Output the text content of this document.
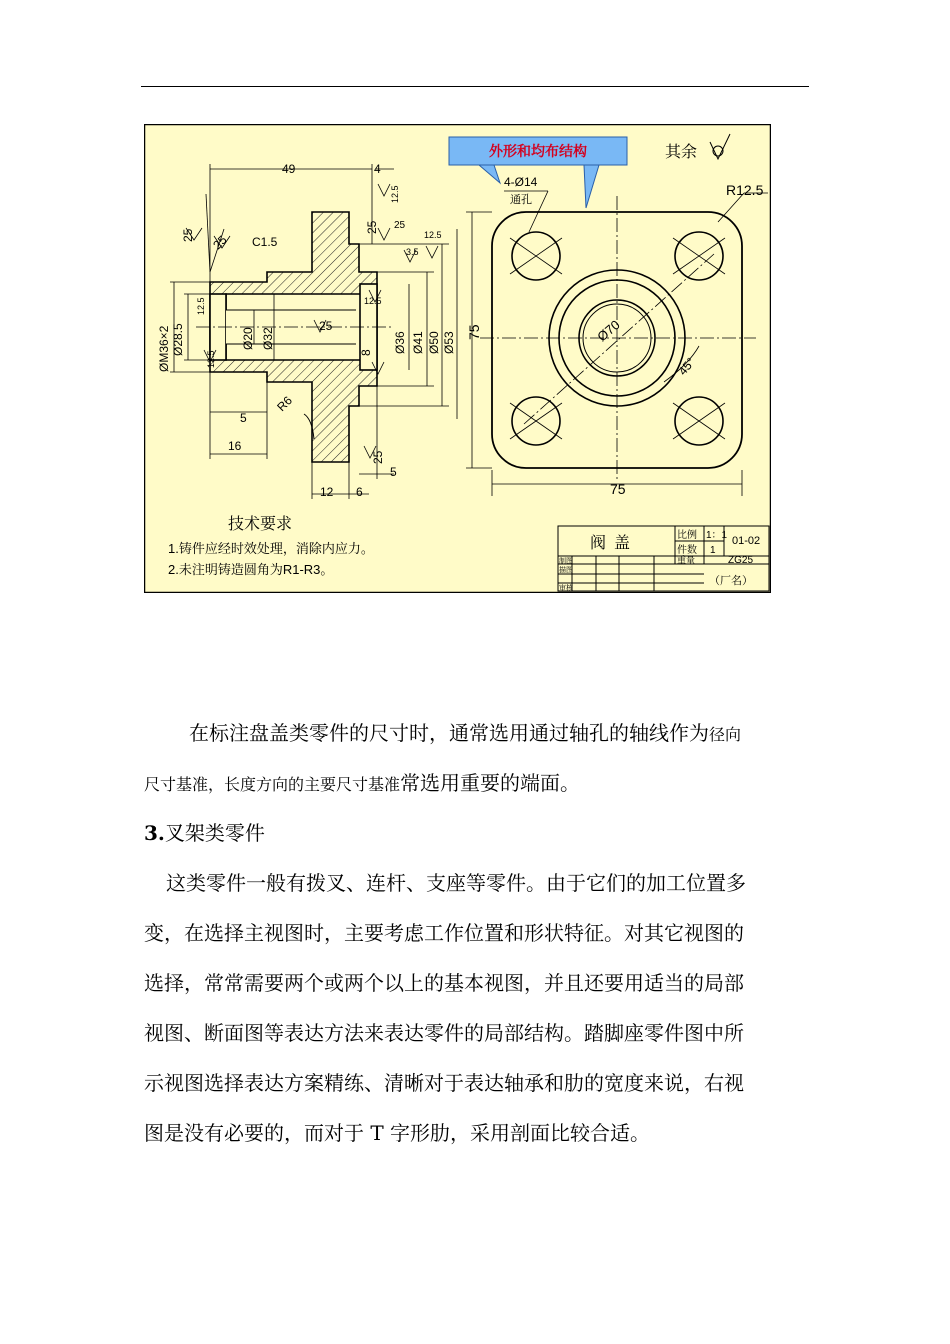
外形和均布结构	其余
49	4
25 25 C1.5
12.5
25 25
12.5
3.5
12.5
12.5
12.5
25
ØM36×2 Ø28.5	Ø20 Ø32	Ø36 Ø41 Ø50 Ø53 75
5
16
R6
8
12 6
25
5
4-Ø14
通孔
R12.5
Ø70
45°
75
技术要求
1.铸件应经时效处理，消除内应力。
2.未注明铸造圆角为R1-R3。
阀盖	比例 1：1
件数 1
01-02
重量	ZG25
制图
描图
审核
（厂名）
在标注盘盖类零件的尺寸时，通常选用通过轴孔的轴线作为径向
尺寸基准，长度方向的主要尺寸基准常选用重要的端面。
3.叉架类零件
这类零件一般有拨叉、连杆、支座等零件。由于它们的加工位置多
变，在选择主视图时，主要考虑工作位置和形状特征。对其它视图的
选择，常常需要两个或两个以上的基本视图，并且还要用适当的局部
视图、断面图等表达方法来表达零件的局部结构。踏脚座零件图中所
示视图选择表达方案精练、清晰对于表达轴承和肋的宽度来说，右视
图是没有必要的，而对于 T 字形肋，采用剖面比较合适。
